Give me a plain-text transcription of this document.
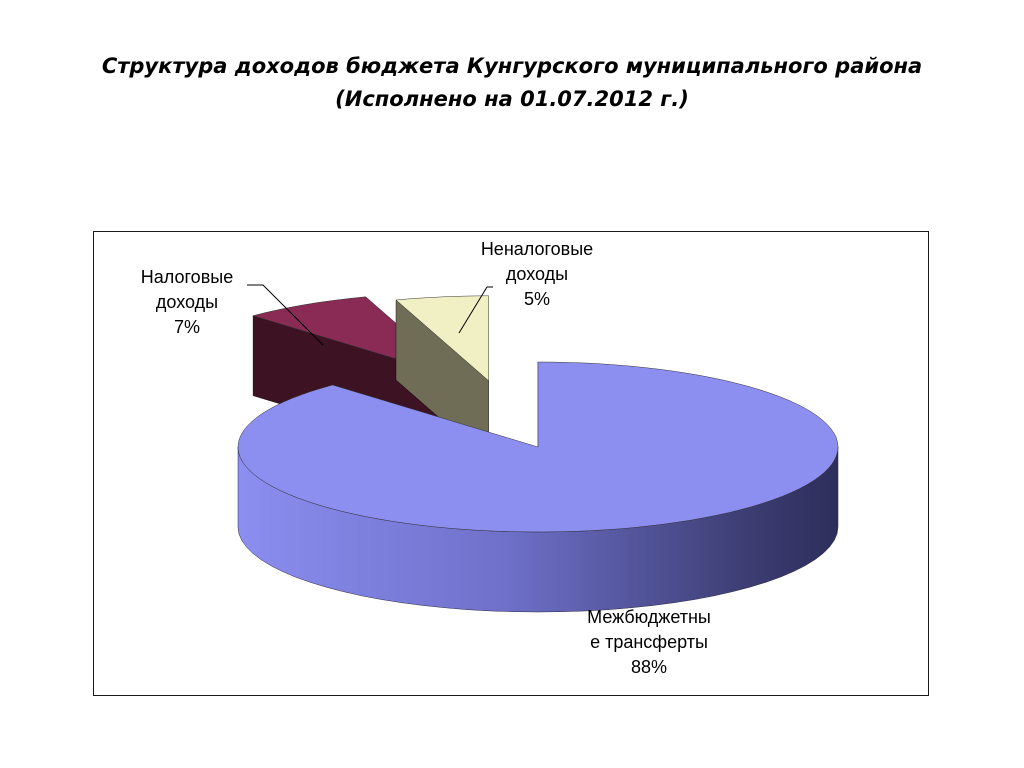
Структура доходов бюджета Кунгурского муниципального района
(Исполнено на 01.07.2012 г.)
Межбюджетны е трансферты 88%
Налоговые доходы 7%
Неналоговые доходы 5%
